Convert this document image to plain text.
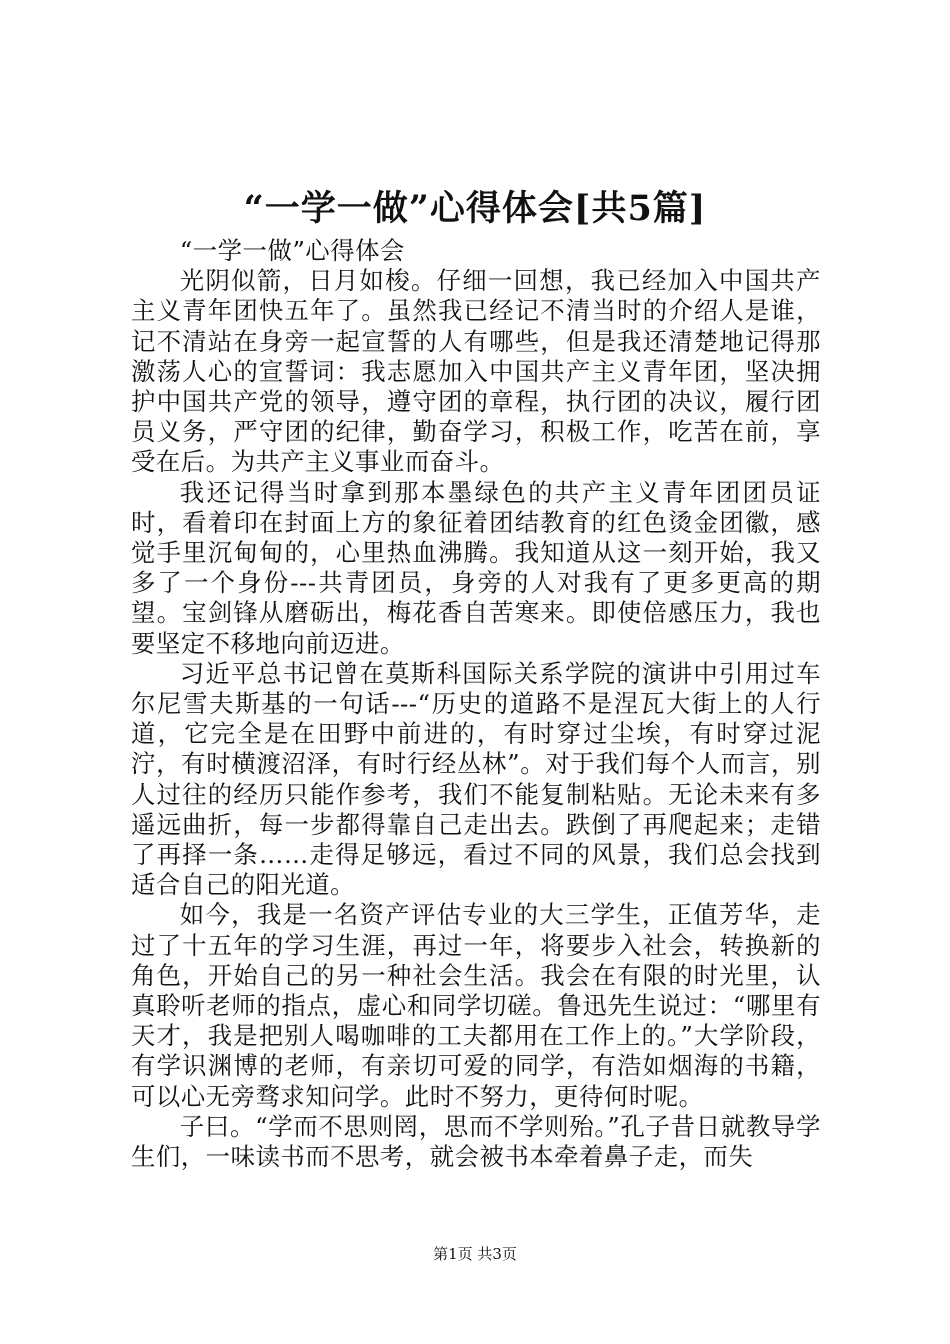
“一学一做”心得体会[共5篇]

“一学一做”心得体会

光阴似箭，日月如梭。仔细一回想，我已经加入中国共产主义青年团快五年了。虽然我已经记不清当时的介绍人是谁，记不清站在身旁一起宣誓的人有哪些，但是我还清楚地记得那激荡人心的宣誓词：我志愿加入中国共产主义青年团，坚决拥护中国共产党的领导，遵守团的章程，执行团的决议，履行团员义务，严守团的纪律，勤奋学习，积极工作，吃苦在前，享受在后。为共产主义事业而奋斗。

我还记得当时拿到那本墨绿色的共产主义青年团团员证时，看着印在封面上方的象征着团结教育的红色烫金团徽，感觉手里沉甸甸的，心里热血沸腾。我知道从这一刻开始，我又多了一个身份---共青团员，身旁的人对我有了更多更高的期望。宝剑锋从磨砺出，梅花香自苦寒来。即使倍感压力，我也要坚定不移地向前迈进。

习近平总书记曾在莫斯科国际关系学院的演讲中引用过车尔尼雪夫斯基的一句话---“历史的道路不是涅瓦大街上的人行道，它完全是在田野中前进的，有时穿过尘埃，有时穿过泥泞，有时横渡沼泽，有时行经丛林”。对于我们每个人而言，别人过往的经历只能作参考，我们不能复制粘贴。无论未来有多遥远曲折，每一步都得靠自己走出去。跌倒了再爬起来；走错了再择一条……走得足够远，看过不同的风景，我们总会找到适合自己的阳光道。

如今，我是一名资产评估专业的大三学生，正值芳华，走过了十五年的学习生涯，再过一年，将要步入社会，转换新的角色，开始自己的另一种社会生活。我会在有限的时光里，认真聆听老师的指点，虚心和同学切磋。鲁迅先生说过：“哪里有天才，我是把别人喝咖啡的工夫都用在工作上的。”大学阶段，有学识渊博的老师，有亲切可爱的同学，有浩如烟海的书籍，可以心无旁骛求知问学。此时不努力，更待何时呢。

子曰。“学而不思则罔，思而不学则殆。”孔子昔日就教导学生们，一味读书而不思考，就会被书本牵着鼻子走，而失

第1页 共3页
